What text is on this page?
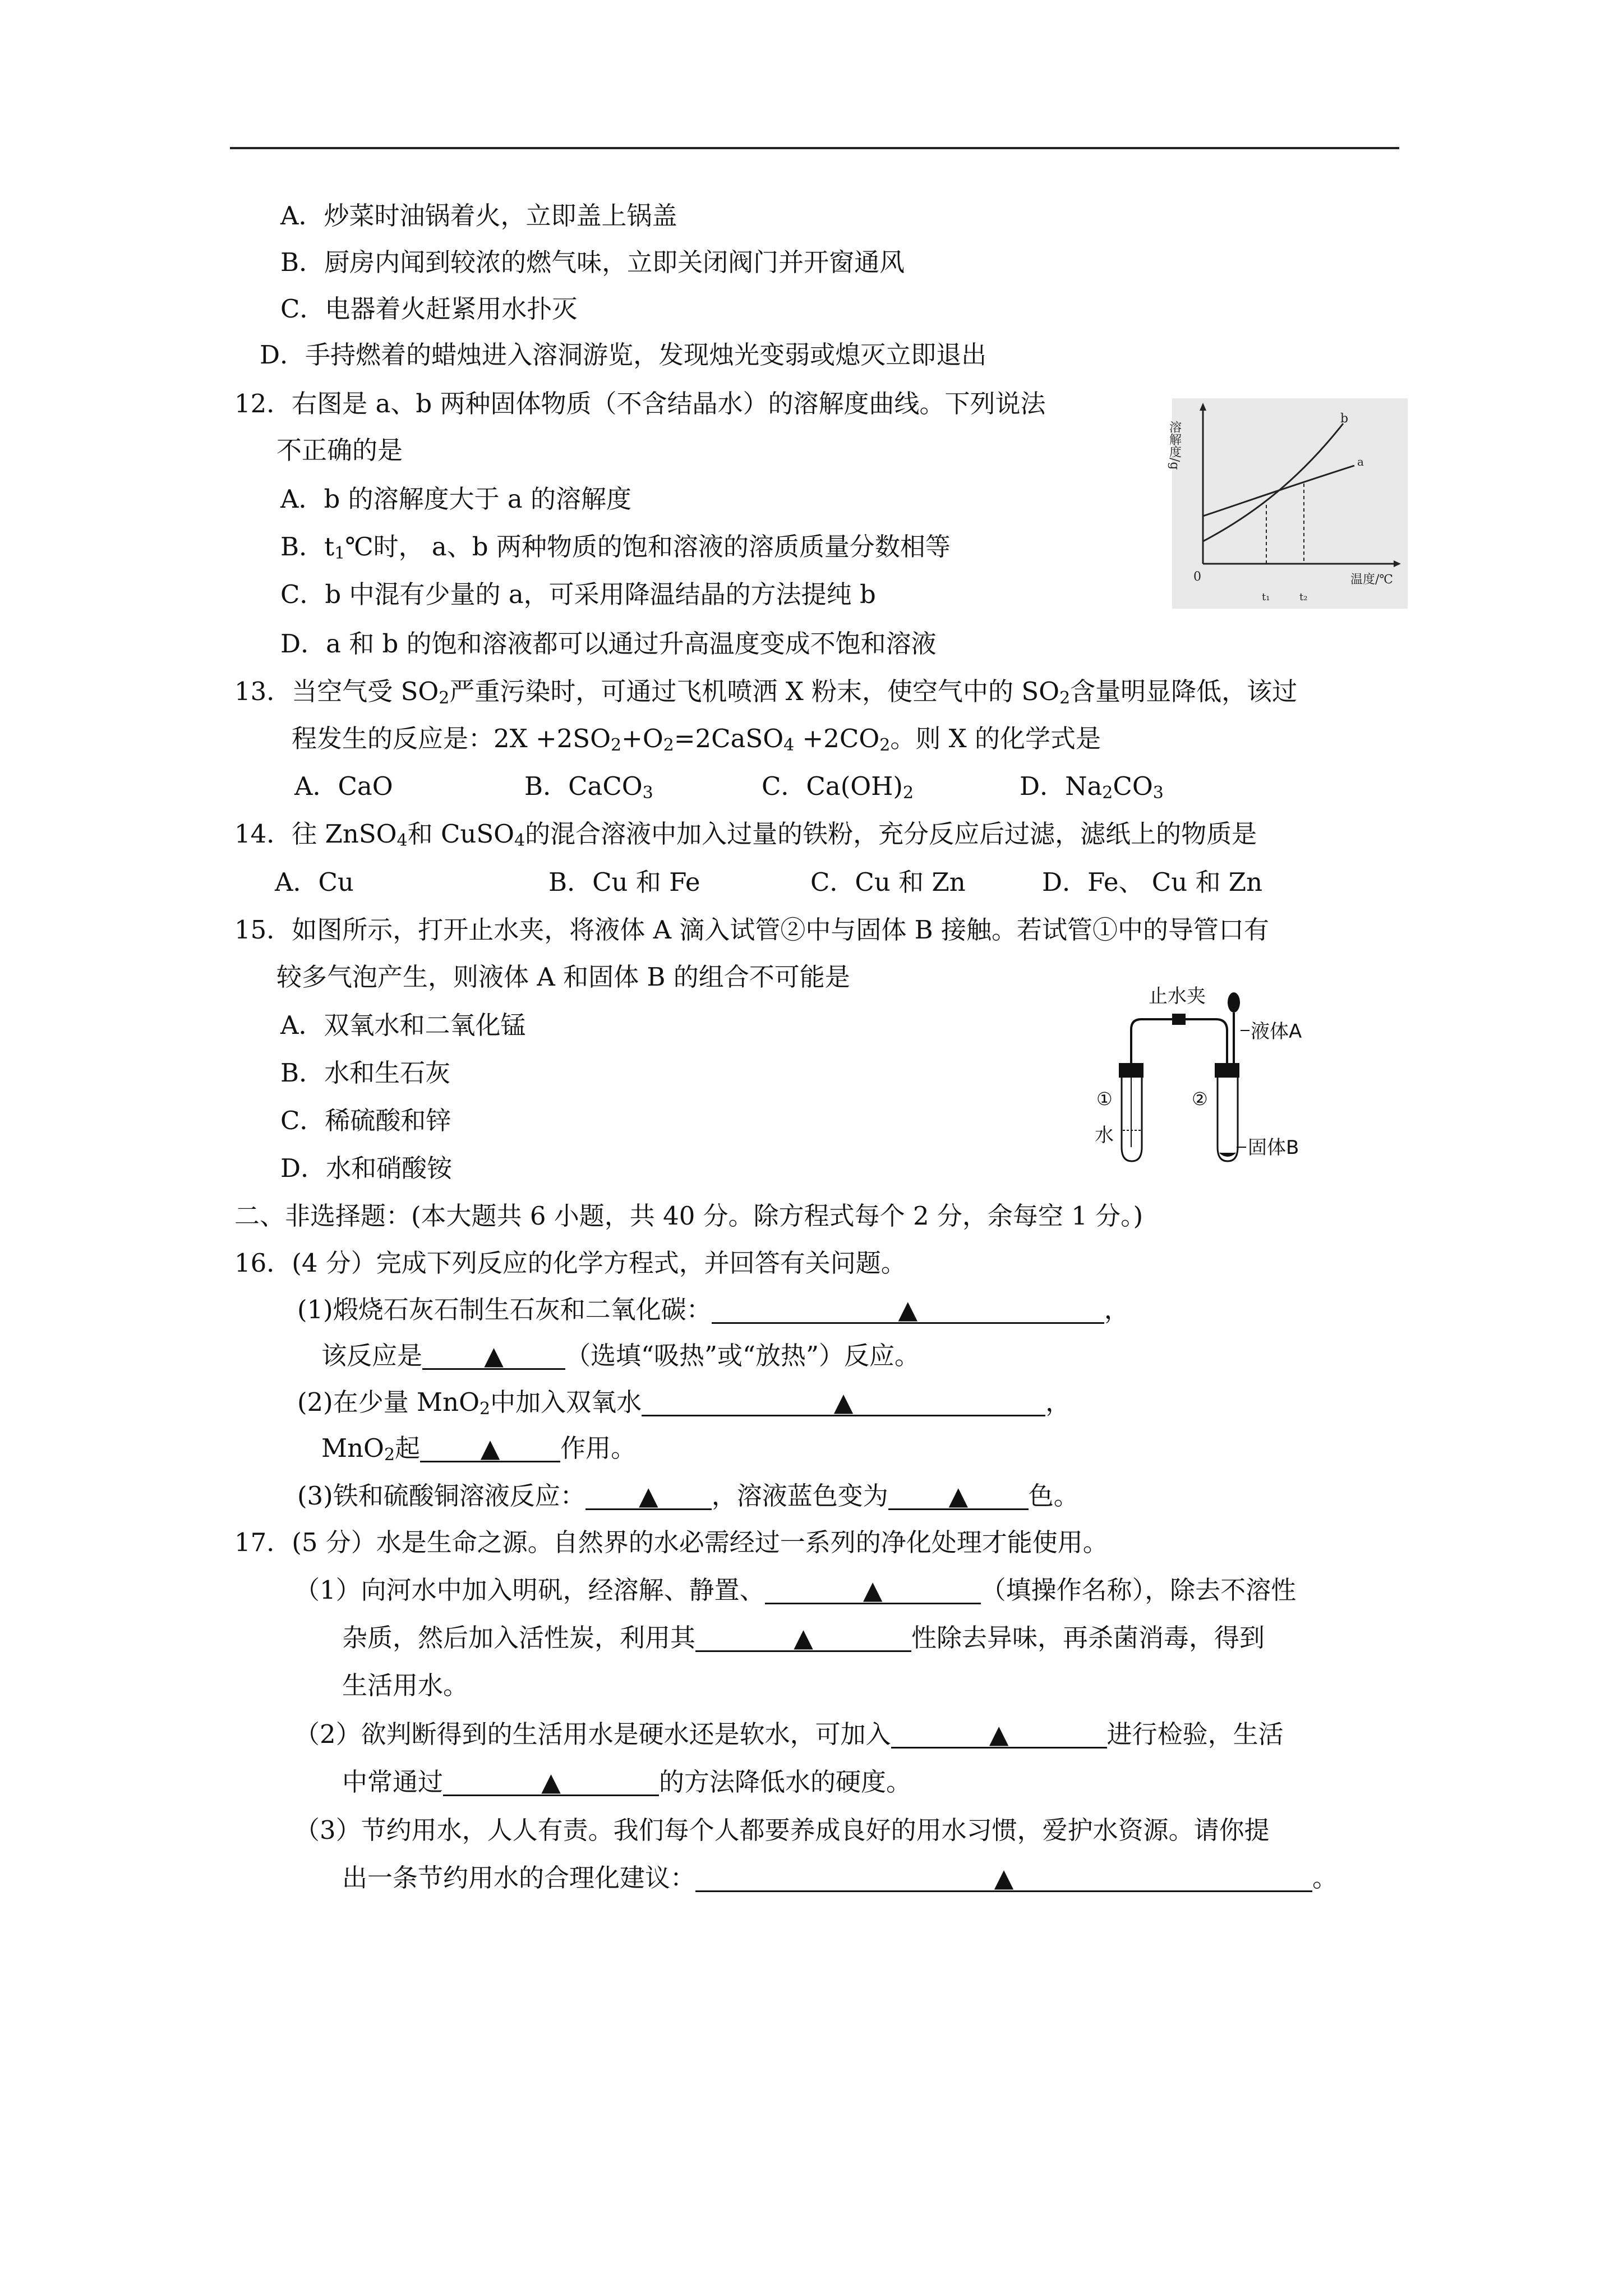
A．炒菜时油锅着火，立即盖上锅盖
B．厨房内闻到较浓的燃气味，立即关闭阀门并开窗通风
C．电器着火赶紧用水扑灭
D．手持燃着的蜡烛进入溶洞游览，发现烛光变弱或熄灭立即退出
12．右图是 a、b 两种固体物质（不含结晶水）的溶解度曲线。下列说法
不正确的是
A．b 的溶解度大于 a 的溶解度
B．$t_1℃$时， a、b 两种物质的饱和溶液的溶质质量分数相等
C．b 中混有少量的 a，可采用降温结晶的方法提纯 b
D．a 和 b 的饱和溶液都可以通过升高温度变成不饱和溶液
b
a
0
t₁	t₂
温度/℃
溶解度/g
13．当空气受 $SO_2$严重污染时，可通过飞机喷洒 X 粉末，使空气中的 $SO_2$含量明显降低，该过
程发生的反应是：$2X +2SO_2+O_2=2CaSO_4 +2CO_2$。则 X 的化学式是
A．CaO	B．CaCO$_3$	C．$Ca(OH)_2$	D．$Na_2CO_3$
14．往 ZnSO$_4$和 CuSO$_4$的混合溶液中加入过量的铁粉，充分反应后过滤，滤纸上的物质是
A．Cu	B．Cu 和 Fe	C．Cu 和 Zn	D．Fe、 Cu 和 Zn
15．如图所示，打开止水夹，将液体 A 滴入试管②中与固体 B 接触。若试管①中的导管口有
较多气泡产生，则液体 A 和固体 B 的组合不可能是
A．双氧水和二氧化锰
B．水和生石灰
C．稀硫酸和锌
D．水和硝酸铵
止水夹
液体A
①	②
水
固体B
二、非选择题：(本大题共 6 小题，共 40 分。除方程式每个 2 分，余每空 1 分。)
16．(4 分）完成下列反应的化学方程式，并回答有关问题。
(1)煅烧石灰石制生石灰和二氧化碳：	▲	，
该反应是 ▲ （选填“吸热”或“放热”）反应。
(2)在少量 MnO$_2$中加入双氧水	▲	，
MnO$_2$起 ▲ 作用。
(3)铁和硫酸铜溶液反应： ▲ ，溶液蓝色变为 ▲ 色。
17．(5 分）水是生命之源。自然界的水必需经过一系列的净化处理才能使用。
（1）向河水中加入明矾，经溶解、静置、	▲	（填操作名称），除去不溶性
杂质，然后加入活性炭，利用其	▲	性除去异味，再杀菌消毒，得到
生活用水。
（2）欲判断得到的生活用水是硬水还是软水，可加入	▲	进行检验，生活
中常通过	▲	的方法降低水的硬度。
（3）节约用水，人人有责。我们每个人都要养成良好的用水习惯，爱护水资源。请你提
出一条节约用水的合理化建议：	▲	。
